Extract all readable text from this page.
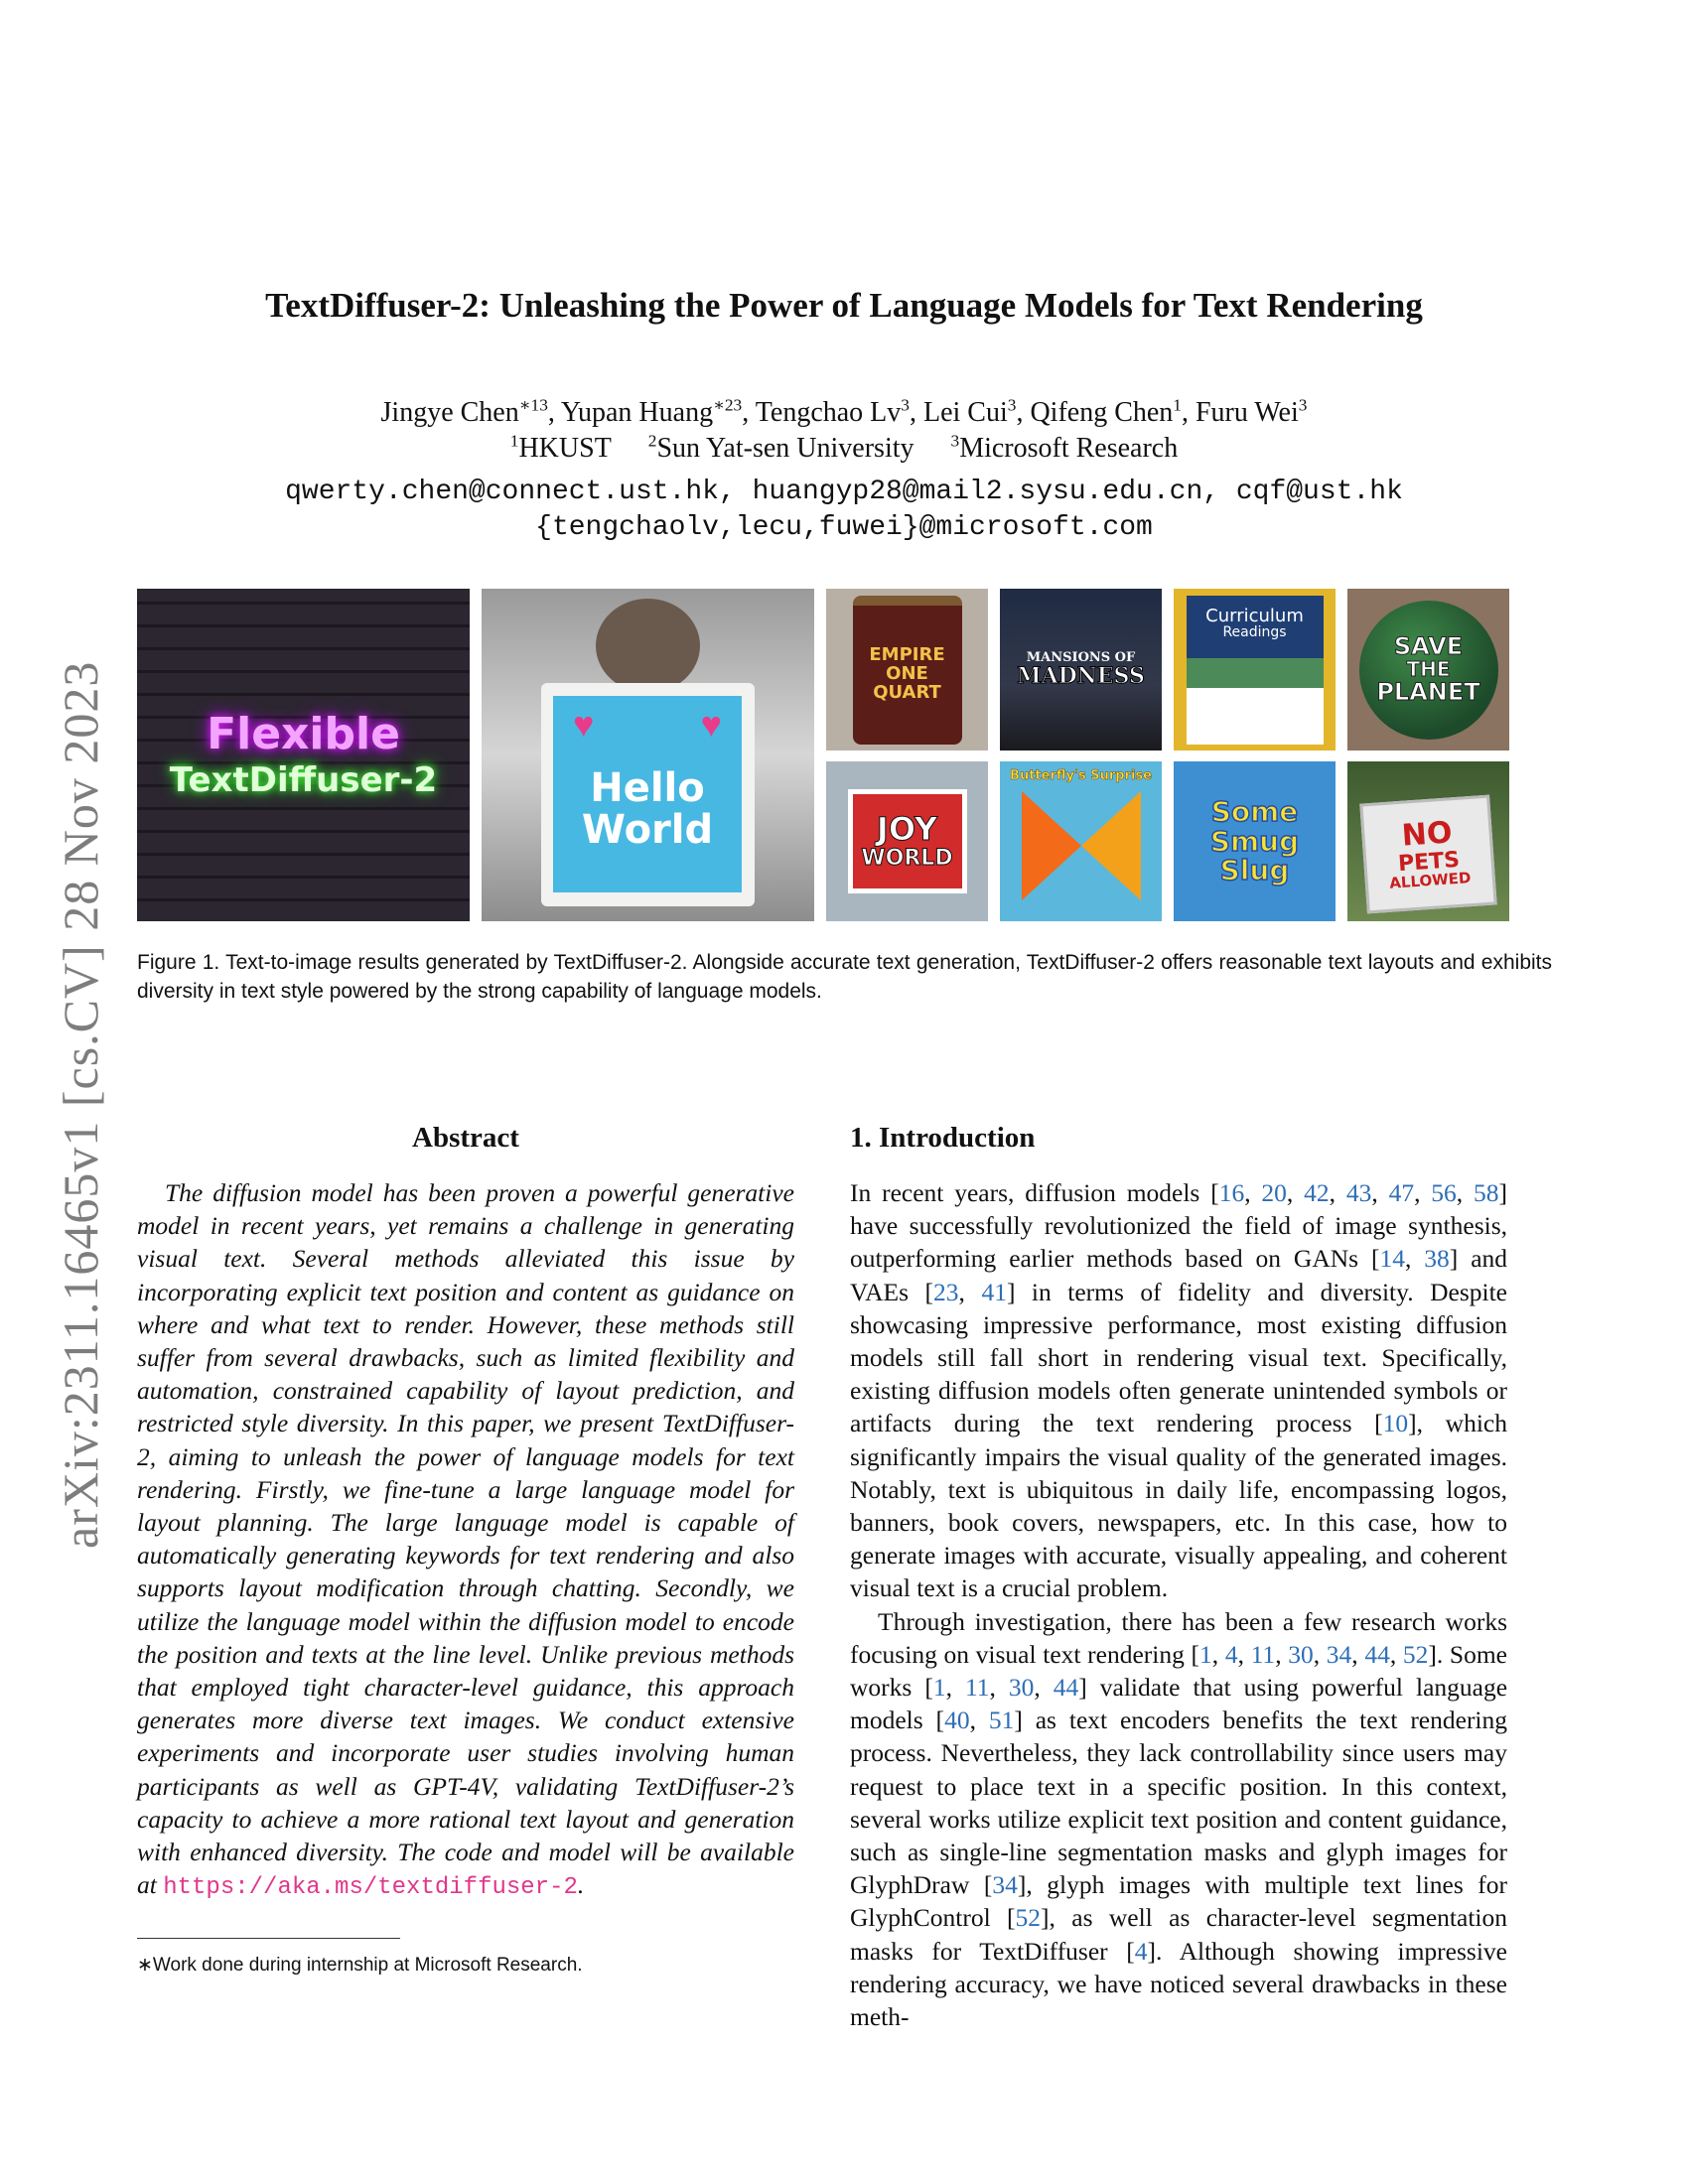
TextDiffuser-2: Unleashing the Power of Language Models for Text Rendering
Jingye Chen$^{∗13}$, Yupan Huang$^{∗23}$, Tengchao Lv$^3$, Lei Cui$^3$, Qifeng Chen$^1$, Furu Wei$^3$
$^1$HKUST $^2$Sun Yat-sen University $^3$Microsoft Research
qwerty.chen@connect.ust.hk, huangyp28@mail2.sysu.edu.cn, cqf@ust.hk
{tengchaolv,lecu,fuwei}@microsoft.com
arXiv:2311.16465v1 [cs.CV] 28 Nov 2023 Flexible
TextDiffuser-2
♥	♥
Hello
World
EMPIRE
ONE
QUART
MANSIONS OF
MADNESS
Curriculum
Readings	SAVE
THE
PLANET
JOY
WORLD
Butterfly's Surprise
Some
Smug
Slug
NO
PETS
ALLOWED
Figure 1. Text-to-image results generated by TextDiffuser-2. Alongside accurate text generation, TextDiffuser-2 offers reasonable text layouts and exhibits diversity in text style powered by the strong capability of language models.
Abstract
The diffusion model has been proven a powerful generative model in recent years, yet remains a challenge in generating visual text. Several methods alleviated this issue by incorporating explicit text position and content as guidance on where and what text to render. However, these methods still suffer from several drawbacks, such as limited flexibility and automation, constrained capability of layout prediction, and restricted style diversity. In this paper, we present TextDiffuser-2, aiming to unleash the power of language models for text rendering. Firstly, we fine-tune a large language model for layout planning. The large language model is capable of automatically generating keywords for text rendering and also supports layout modification through chatting. Secondly, we utilize the language model within the diffusion model to encode the position and texts at the line level. Unlike previous methods that employed tight character-level guidance, this approach generates more diverse text images. We conduct extensive experiments and incorporate user studies involving human participants as well as GPT-4V, validating TextDiffuser-2’s capacity to achieve a more rational text layout and generation with enhanced diversity. The code and model will be available at https://aka.ms/textdiffuser-2.
∗Work done during internship at Microsoft Research.
1. Introduction
In recent years, diffusion models [16, 20, 42, 43, 47, 56, 58] have successfully revolutionized the field of image synthesis, outperforming earlier methods based on GANs [14, 38] and VAEs [23, 41] in terms of fidelity and diversity. Despite showcasing impressive performance, most existing diffusion models still fall short in rendering visual text. Specifically, existing diffusion models often generate unintended symbols or artifacts during the text rendering process [10], which significantly impairs the visual quality of the generated images. Notably, text is ubiquitous in daily life, encompassing logos, banners, book covers, newspapers, etc. In this case, how to generate images with accurate, visually appealing, and coherent visual text is a crucial problem.
Through investigation, there has been a few research works focusing on visual text rendering [1, 4, 11, 30, 34, 44, 52]. Some works [1, 11, 30, 44] validate that using powerful language models [40, 51] as text encoders benefits the text rendering process. Nevertheless, they lack controllability since users may request to place text in a specific position. In this context, several works utilize explicit text position and content guidance, such as single-line segmentation masks and glyph images for GlyphDraw [34], glyph images with multiple text lines for GlyphControl [52], as well as character-level segmentation masks for TextDiffuser [4]. Although showing impressive rendering accuracy, we have noticed several drawbacks in these meth-
